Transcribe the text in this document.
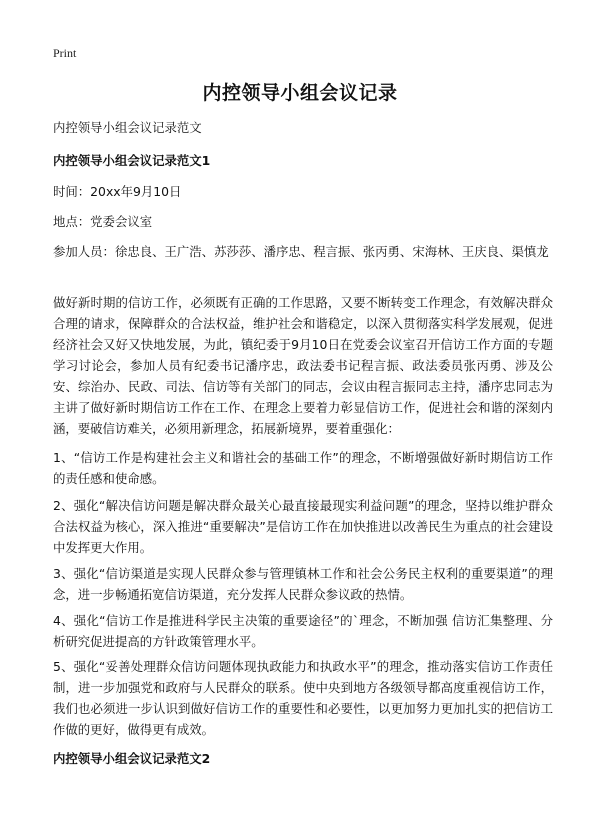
Print
内控领导小组会议记录
内控领导小组会议记录范文
内控领导小组会议记录范文1
时间：20xx年9月10日
地点：党委会议室
参加人员：徐忠良、王广浩、苏莎莎、潘序忠、程言振、张丙勇、宋海林、王庆良、渠慎龙
做好新时期的信访工作，必须既有正确的工作思路，又要不断转变工作理念，有效解决群众合理的请求，保障群众的合法权益，维护社会和谐稳定，以深入贯彻落实科学发展观，促进经济社会又好又快地发展，为此，镇纪委于9月10日在党委会议室召开信访工作方面的专题学习讨论会，参加人员有纪委书记潘序忠，政法委书记程言振、政法委员张丙勇、涉及公安、综治办、民政、司法、信访等有关部门的同志，会议由程言振同志主持，潘序忠同志为主讲了做好新时期信访工作在工作、在理念上要着力彰显信访工作，促进社会和谐的深刻内涵，要破信访难关，必须用新理念，拓展新境界，要着重强化：
1、“信访工作是构建社会主义和谐社会的基础工作”的理念，不断增强做好新时期信访工作的责任感和使命感。
2、强化“解决信访问题是解决群众最关心最直接最现实利益问题”的理念，坚持以维护群众合法权益为核心，深入推进“重要解决”是信访工作在加快推进以改善民生为重点的社会建设中发挥更大作用。
3、强化“信访渠道是实现人民群众参与管理镇林工作和社会公务民主权利的重要渠道”的理念，进一步畅通拓宽信访渠道，充分发挥人民群众参议政的热情。
4、强化“信访工作是推进科学民主决策的重要途径”的`理念，不断加强 信访汇集整理、分析研究促进提高的方针政策管理水平。
5、强化“妥善处理群众信访问题体现执政能力和执政水平”的理念，推动落实信访工作责任制，进一步加强党和政府与人民群众的联系。使中央到地方各级领导都高度重视信访工作，我们也必须进一步认识到做好信访工作的重要性和必要性，以更加努力更加扎实的把信访工作做的更好，做得更有成效。
内控领导小组会议记录范文2
